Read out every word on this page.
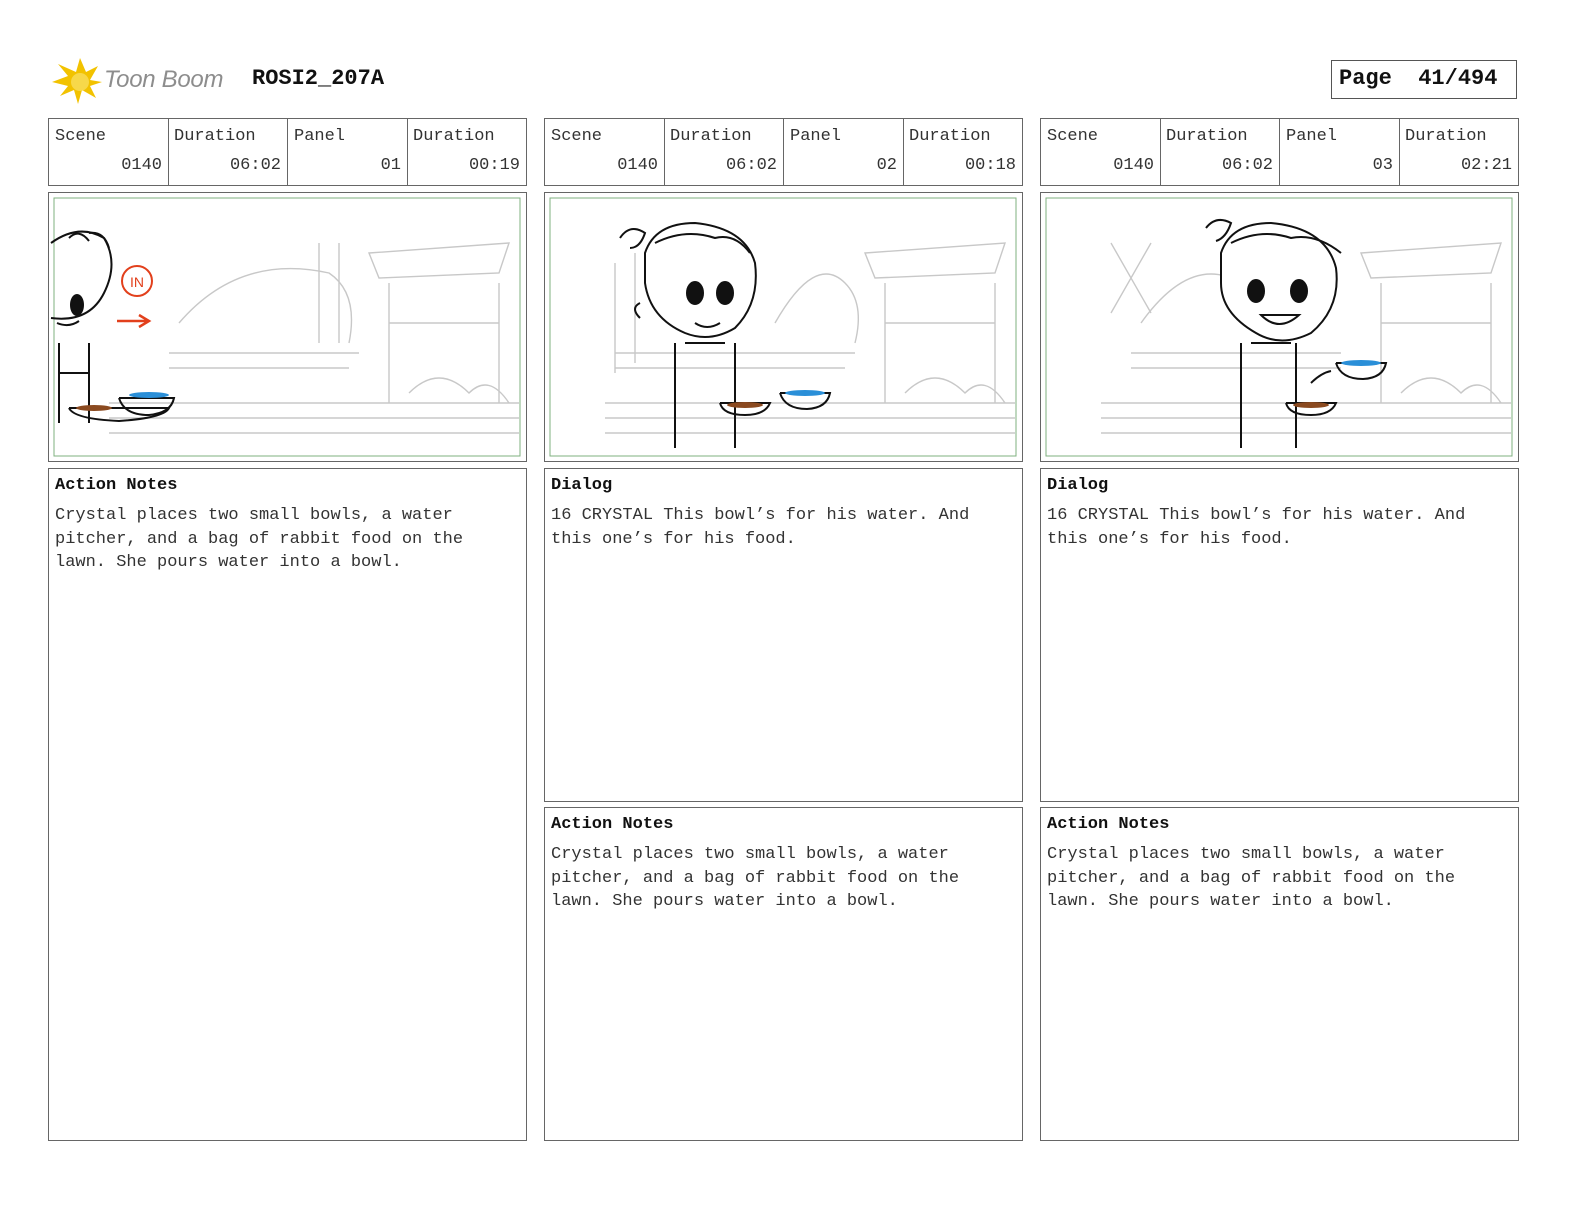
Toon Boom ROSI2_207A	Page 41/494
Scene
0140
Duration
06:02
Panel
01
Duration
00:19
IN
Action Notes
Crystal places two small bowls, a water pitcher, and a bag of rabbit food on the lawn. She pours water into a bowl.
Scene
0140
Duration
06:02
Panel
02
Duration
00:18
Dialog
16 CRYSTAL This bowl’s for his water. And this one’s for his food.
Action Notes
Crystal places two small bowls, a water pitcher, and a bag of rabbit food on the lawn. She pours water into a bowl.
Scene
0140
Duration
06:02
Panel
03
Duration
02:21
Dialog
16 CRYSTAL This bowl’s for his water. And this one’s for his food.
Action Notes
Crystal places two small bowls, a water pitcher, and a bag of rabbit food on the lawn. She pours water into a bowl.
